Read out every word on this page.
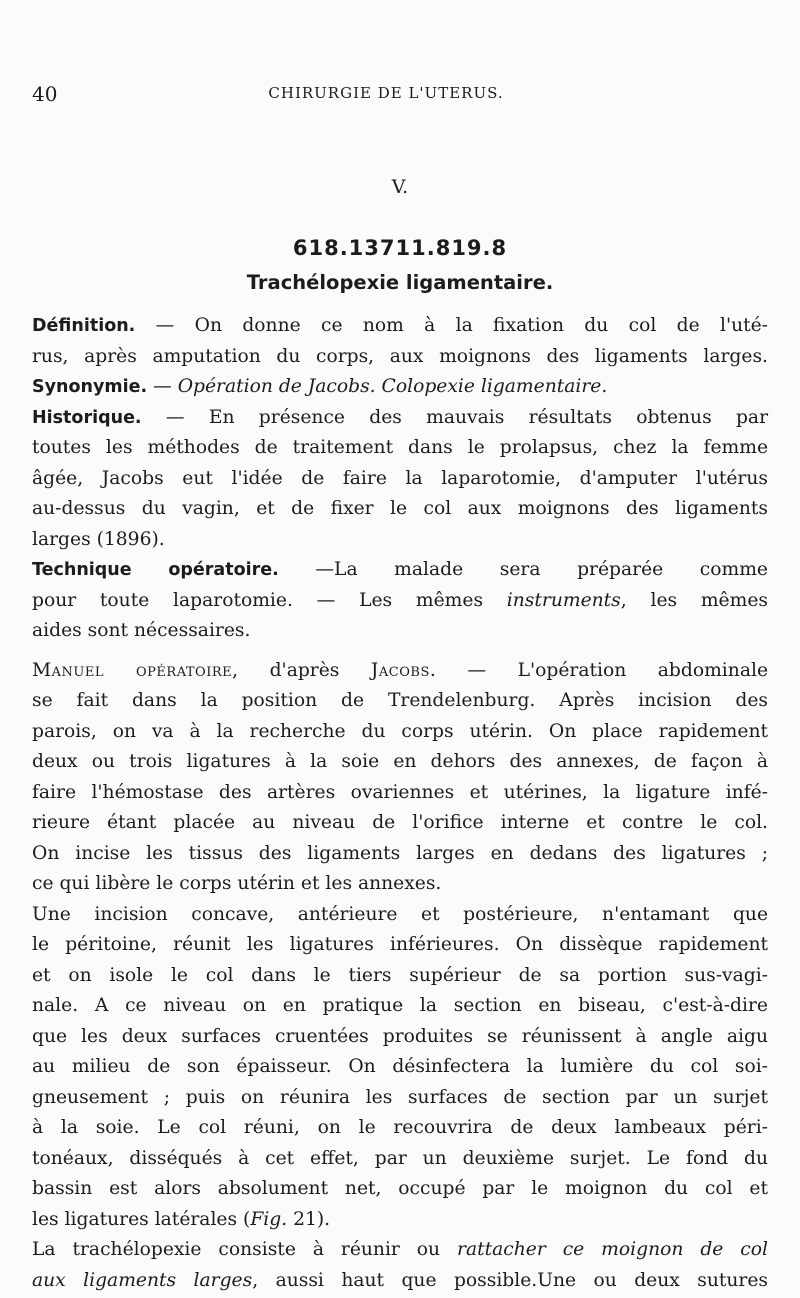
40	CHIRURGIE DE L'UTERUS.
V.
618.13711.819.8
Trachélopexie ligamentaire.
Définition. — On donne ce nom à la fixation du col de l'uté-
rus, après amputation du corps, aux moignons des ligaments larges.
Synonymie. — Opération de Jacobs. Colopexie ligamentaire.
Historique. — En présence des mauvais résultats obtenus par
toutes les méthodes de traitement dans le prolapsus, chez la femme
âgée, Jacobs eut l'idée de faire la laparotomie, d'amputer l'utérus
au-dessus du vagin, et de fixer le col aux moignons des ligaments
larges (1896).
Technique opératoire. —La malade sera préparée comme
pour toute laparotomie. — Les mêmes instruments, les mêmes
aides sont nécessaires.
Manuel opératoire, d'après Jacobs. — L'opération abdominale
se fait dans la position de Trendelenburg. Après incision des
parois, on va à la recherche du corps utérin. On place rapidement
deux ou trois ligatures à la soie en dehors des annexes, de façon à
faire l'hémostase des artères ovariennes et utérines, la ligature infé-
rieure étant placée au niveau de l'orifice interne et contre le col.
On incise les tissus des ligaments larges en dedans des ligatures ;
ce qui libère le corps utérin et les annexes.
Une incision concave, antérieure et postérieure, n'entamant que
le péritoine, réunit les ligatures inférieures. On dissèque rapidement
et on isole le col dans le tiers supérieur de sa portion sus-vagi-
nale. A ce niveau on en pratique la section en biseau, c'est-à-dire
que les deux surfaces cruentées produites se réunissent à angle aigu
au milieu de son épaisseur. On désinfectera la lumière du col soi-
gneusement ; puis on réunira les surfaces de section par un surjet
à la soie. Le col réuni, on le recouvrira de deux lambeaux péri-
tonéaux, disséqués à cet effet, par un deuxième surjet. Le fond du
bassin est alors absolument net, occupé par le moignon du col et
les ligatures latérales (Fig. 21).
La trachélopexie consiste à réunir ou rattacher ce moignon de col
aux ligaments larges, aussi haut que possible.Une ou deux sutures
